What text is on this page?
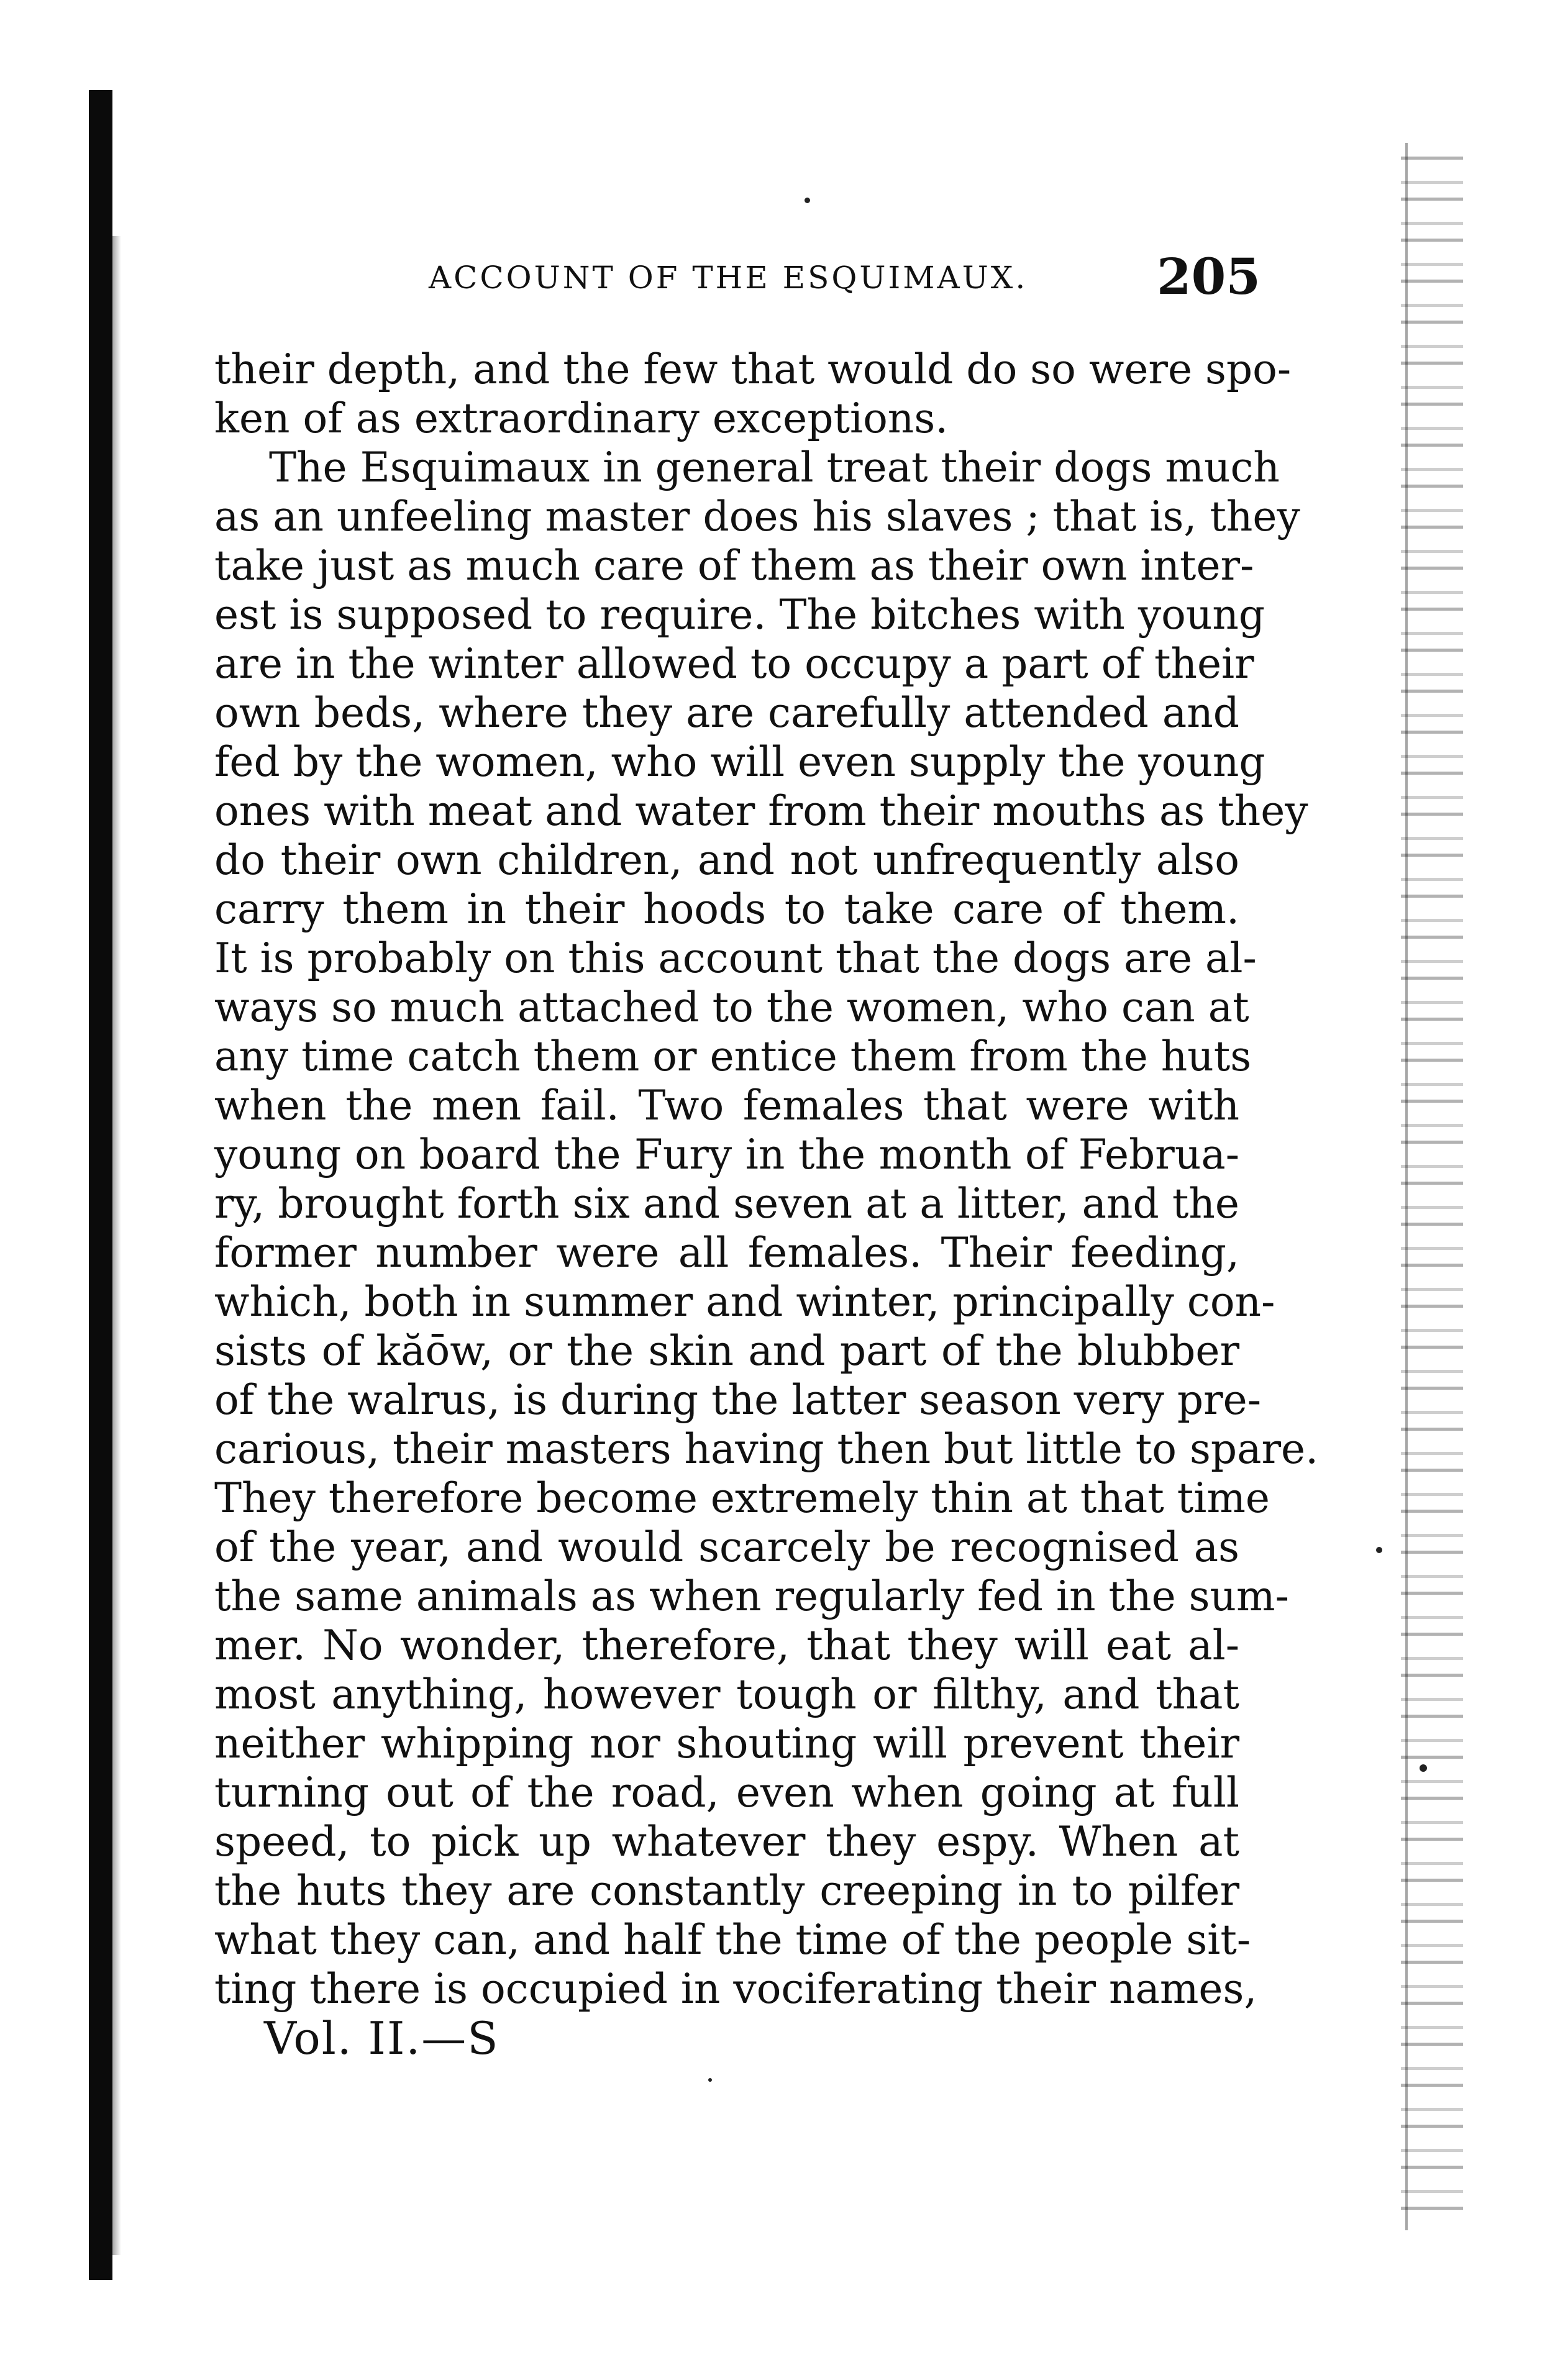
ACCOUNT OF THE ESQUIMAUX.	205
their depth, and the few that would do so were spo-
ken of as extraordinary exceptions.
The Esquimaux in general treat their dogs much
as an unfeeling master does his slaves ; that is, they
take just as much care of them as their own inter-
est is supposed to require. The bitches with young
are in the winter allowed to occupy a part of their
own beds, where they are carefully attended and
fed by the women, who will even supply the young
ones with meat and water from their mouths as they
do their own children, and not unfrequently also
carry them in their hoods to take care of them.
It is probably on this account that the dogs are al-
ways so much attached to the women, who can at
any time catch them or entice them from the huts
when the men fail. Two females that were with
young on board the Fury in the month of Februa-
ry, brought forth six and seven at a litter, and the
former number were all females. Their feeding,
which, both in summer and winter, principally con-
sists of kăōw, or the skin and part of the blubber
of the walrus, is during the latter season very pre-
carious, their masters having then but little to spare.
They therefore become extremely thin at that time
of the year, and would scarcely be recognised as
the same animals as when regularly fed in the sum-
mer. No wonder, therefore, that they will eat al-
most anything, however tough or filthy, and that
neither whipping nor shouting will prevent their
turning out of the road, even when going at full
speed, to pick up whatever they espy. When at
the huts they are constantly creeping in to pilfer
what they can, and half the time of the people sit-
ting there is occupied in vociferating their names,
Vol. II.—S
